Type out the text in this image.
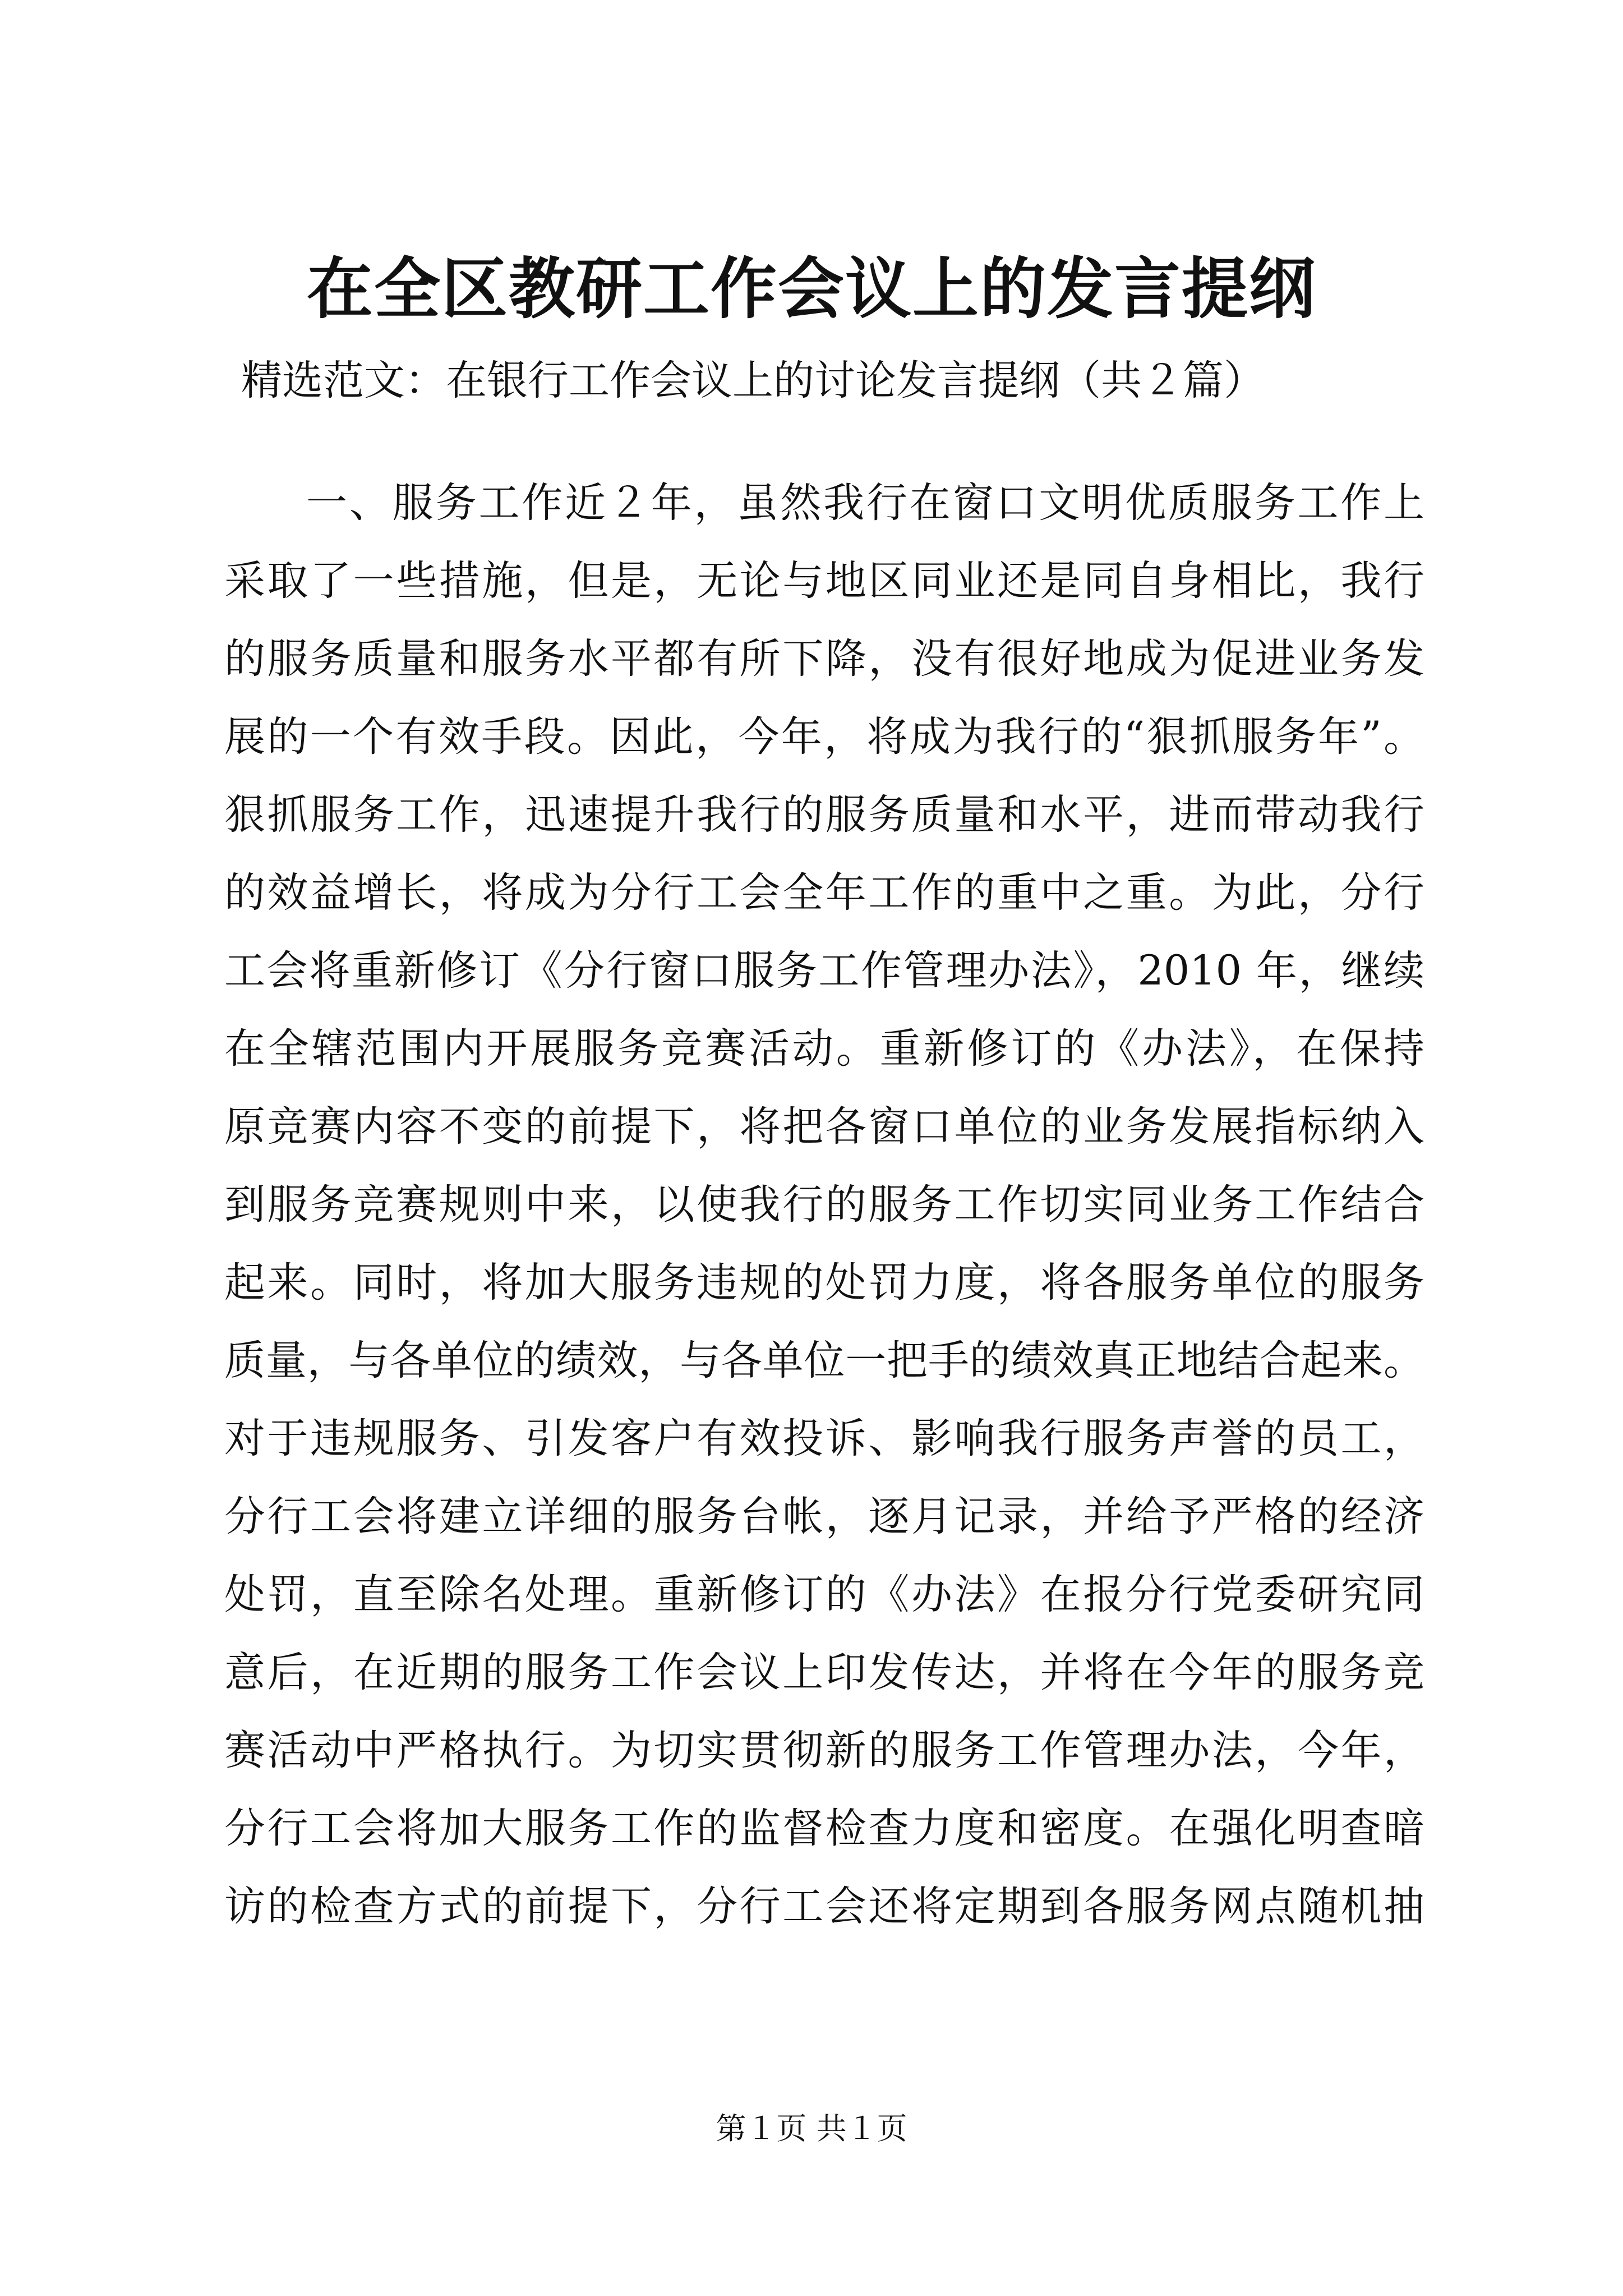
在全区教研工作会议上的发言提纲
精选范文：在银行工作会议上的讨论发言提纲（共２篇）
一、服务工作近２年，虽然我行在窗口文明优质服务工作上
采取了一些措施，但是，无论与地区同业还是同自身相比，我行
的服务质量和服务水平都有所下降，没有很好地成为促进业务发
展的一个有效手段。因此，今年，将成为我行的“狠抓服务年”。
狠抓服务工作，迅速提升我行的服务质量和水平，进而带动我行
的效益增长，将成为分行工会全年工作的重中之重。为此，分行
工会将重新修订《分行窗口服务工作管理办法》，2010 年，继续
在全辖范围内开展服务竞赛活动。重新修订的《办法》，在保持
原竞赛内容不变的前提下，将把各窗口单位的业务发展指标纳入
到服务竞赛规则中来，以使我行的服务工作切实同业务工作结合
起来。同时，将加大服务违规的处罚力度，将各服务单位的服务
质量，与各单位的绩效，与各单位一把手的绩效真正地结合起来。
对于违规服务、引发客户有效投诉、影响我行服务声誉的员工，
分行工会将建立详细的服务台帐，逐月记录，并给予严格的经济
处罚，直至除名处理。重新修订的《办法》在报分行党委研究同
意后，在近期的服务工作会议上印发传达，并将在今年的服务竞
赛活动中严格执行。为切实贯彻新的服务工作管理办法，今年，
分行工会将加大服务工作的监督检查力度和密度。在强化明查暗
访的检查方式的前提下，分行工会还将定期到各服务网点随机抽
第１页 共１页
